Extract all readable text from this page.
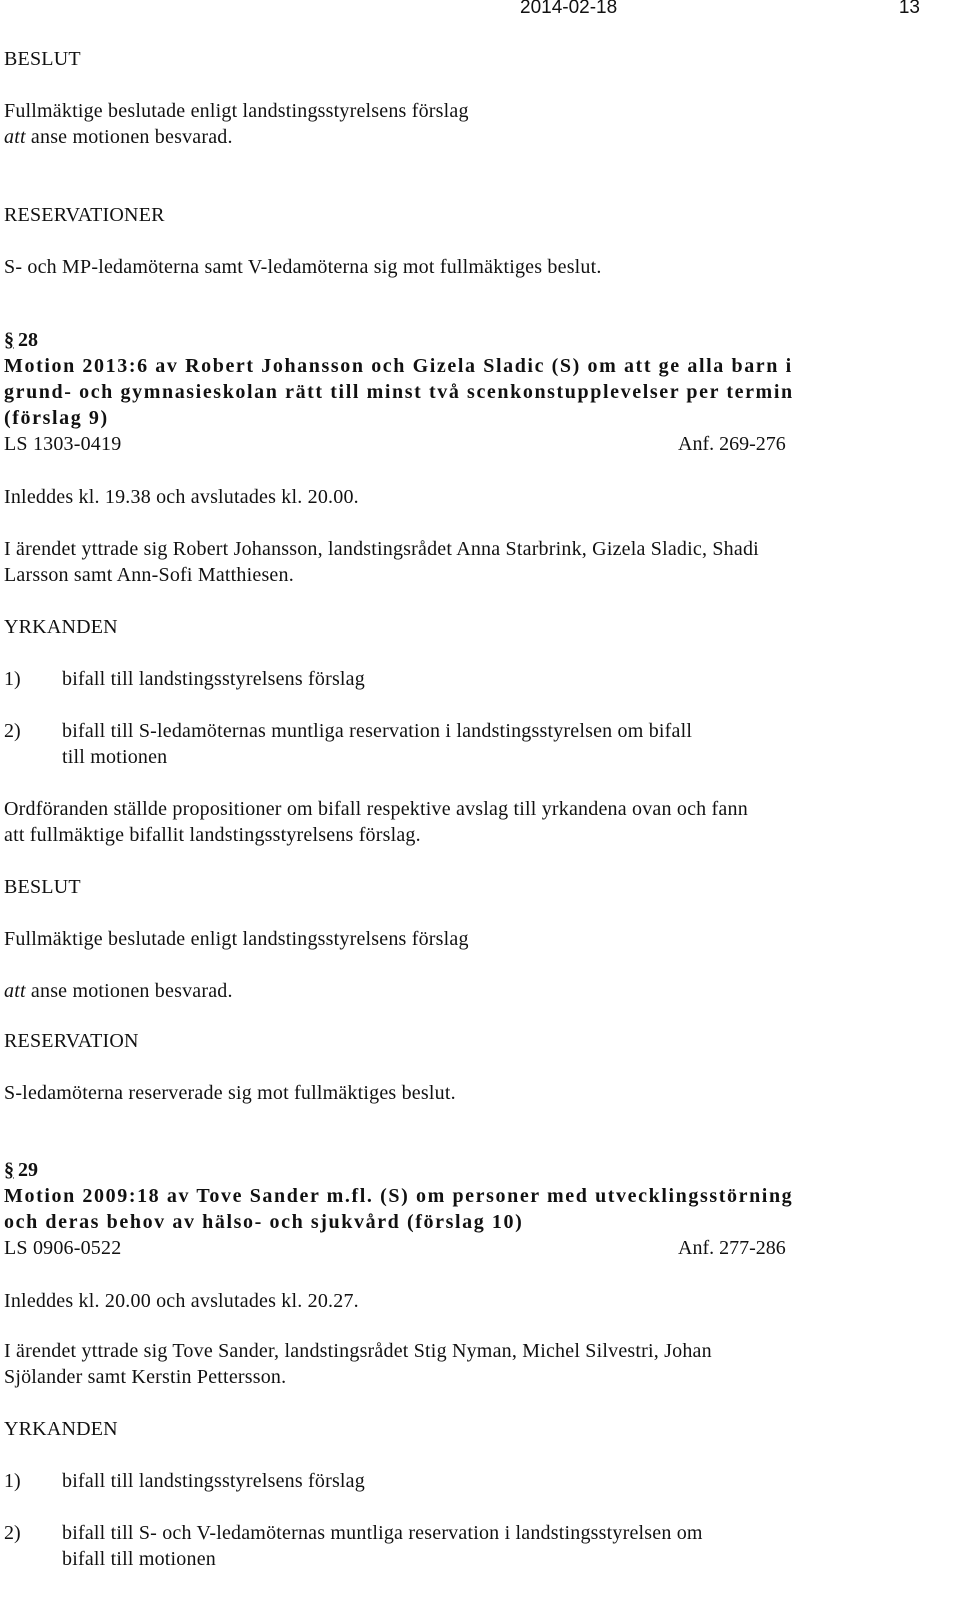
2014-02-18	13
BESLUT
Fullmäktige beslutade enligt landstingsstyrelsens förslag
att anse motionen besvarad.
RESERVATIONER
S- och MP-ledamöterna samt V-ledamöterna sig mot fullmäktiges beslut.
§ 28
Motion 2013:6 av Robert Johansson och Gizela Sladic (S) om att ge alla barn i
grund- och gymnasieskolan rätt till minst två scenkonstupplevelser per termin
(förslag 9)
LS 1303-0419	Anf. 269-276
Inleddes kl. 19.38 och avslutades kl. 20.00.
I ärendet yttrade sig Robert Johansson, landstingsrådet Anna Starbrink, Gizela Sladic, Shadi
Larsson samt Ann-Sofi Matthiesen.
YRKANDEN
1) bifall till landstingsstyrelsens förslag
2) bifall till S-ledamöternas muntliga reservation i landstingsstyrelsen om bifall
till motionen
Ordföranden ställde propositioner om bifall respektive avslag till yrkandena ovan och fann
att fullmäktige bifallit landstingsstyrelsens förslag.
BESLUT
Fullmäktige beslutade enligt landstingsstyrelsens förslag
att anse motionen besvarad.
RESERVATION
S-ledamöterna reserverade sig mot fullmäktiges beslut.
§ 29
Motion 2009:18 av Tove Sander m.fl. (S) om personer med utvecklingsstörning
och deras behov av hälso- och sjukvård (förslag 10)
LS 0906-0522	Anf. 277-286
Inleddes kl. 20.00 och avslutades kl. 20.27.
I ärendet yttrade sig Tove Sander, landstingsrådet Stig Nyman, Michel Silvestri, Johan
Sjölander samt Kerstin Pettersson.
YRKANDEN
1) bifall till landstingsstyrelsens förslag
2) bifall till S- och V-ledamöternas muntliga reservation i landstingsstyrelsen om
bifall till motionen
